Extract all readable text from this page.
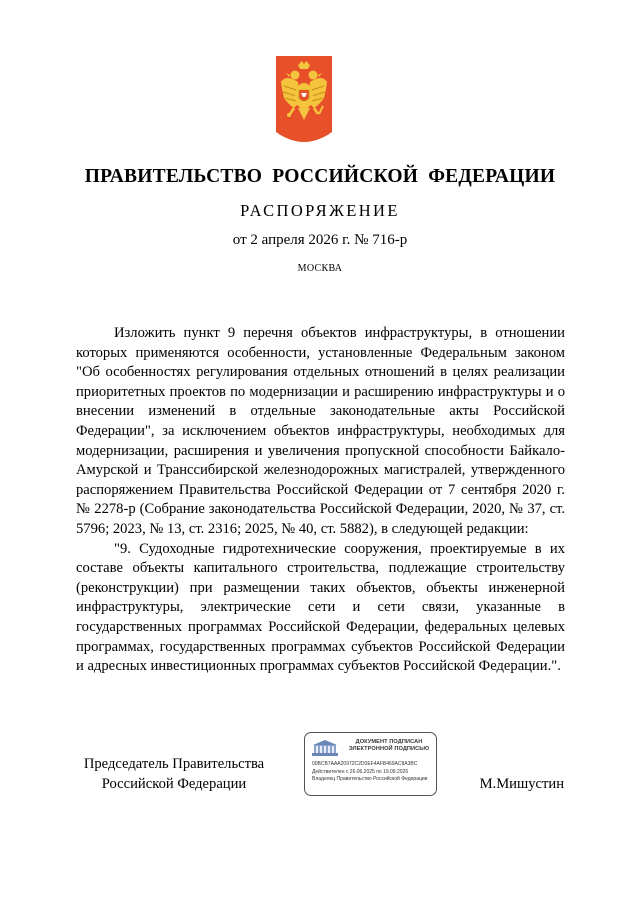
ПРАВИТЕЛЬСТВО  РОССИЙСКОЙ  ФЕДЕРАЦИИ
РАСПОРЯЖЕНИЕ
от 2 апреля 2026 г. № 716-р
МОСКВА

Изложить пункт 9 перечня объектов инфраструктуры, в отношении которых применяются особенности, установленные Федеральным законом "Об особенностях регулирования отдельных отношений в целях реализации приоритетных проектов по модернизации и расширению инфраструктуры и о внесении изменений в отдельные законодательные акты Российской Федерации", за исключением объектов инфраструктуры, необходимых для модернизации, расширения и увеличения пропускной способности Байкало-Амурской и Транссибирской железнодорожных магистралей, утвержденного распоряжением Правительства Российской Федерации от 7 сентября 2020 г. № 2278-р (Собрание законодательства Российской Федерации, 2020, № 37, ст. 5796; 2023, № 13, ст. 2316; 2025, № 40, ст. 5882), в следующей редакции:

"9. Судоходные гидротехнические сооружения, проектируемые в их составе объекты капитального строительства, подлежащие строительству (реконструкции) при размещении таких объектов, объекты инженерной инфраструктуры, электрические сети и сети связи, указанные в государственных программах Российской Федерации, федеральных целевых программах, государственных программах субъектов Российской Федерации и адресных инвестиционных программах субъектов Российской Федерации.".

Председатель Правительства
Российской Федерации
ДОКУМЕНТ ПОДПИСАН
ЭЛЕКТРОННОЙ ПОДПИСЬЮ
00BCB7AAA20972C2D0EF4AFB469AC8A3BC
Действителен с 26.06.2025 по 19.09.2026
Владелец Правительство Российской Федерации	М.Мишустин
